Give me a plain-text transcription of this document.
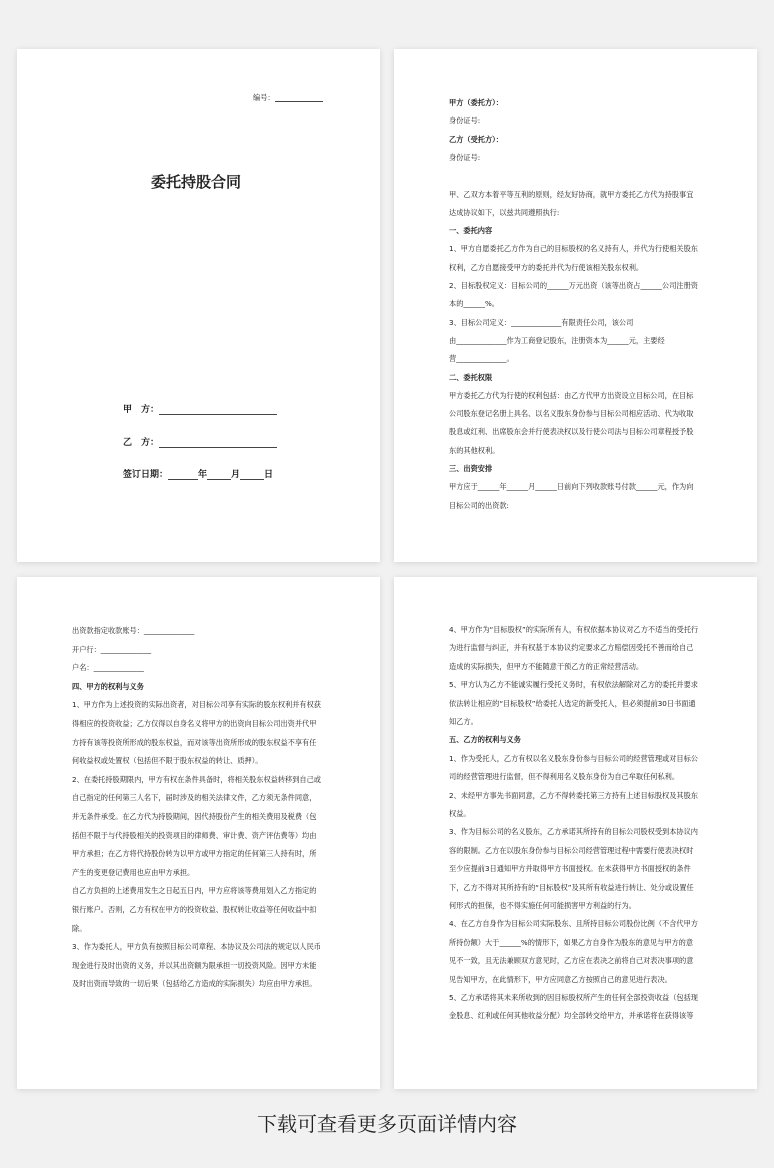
编号：
委托持股合同
甲　方：
乙　方：
签订日期：	年	月	日
甲方（委托方）：
身份证号:
乙方（受托方）：
身份证号:
甲、乙双方本着平等互利的原则，经友好协商，就甲方委托乙方代为持股事宜
达成协议如下，以兹共同遵照执行:
一、委托内容
1、甲方自愿委托乙方作为自己的目标股权的名义持有人，并代为行使相关股东
权利，乙方自愿接受甲方的委托并代为行使该相关股东权利。
2、目标股权定义：目标公司的______万元出资（该等出资占______公司注册资
本的______%。
3、目标公司定义：______________有限责任公司，该公司
由______________作为工商登记股东，注册资本为______元，主要经
营______________。
二、委托权限
甲方委托乙方代为行使的权利包括：由乙方代甲方出资设立目标公司，在目标
公司股东登记名册上具名、以名义股东身份参与目标公司相应活动、代为收取
股息或红利、出席股东会并行使表决权以及行使公司法与目标公司章程授予股
东的其他权利。
三、出资安排
甲方应于______年______月______日前向下列收款账号付款______元，作为向
目标公司的出资款:
出资款指定收款账号：______________
开户行：______________
户名：______________
四、甲方的权利与义务
1、甲方作为上述投资的实际出资者，对目标公司享有实际的股东权利并有权获
得相应的投资收益；乙方仅得以自身名义将甲方的出资向目标公司出资并代甲
方持有该等投资所形成的股东权益，而对该等出资所形成的股东权益不享有任
何收益权或处置权（包括但不限于股东权益的转让、质押）。
2、在委托持股期限内，甲方有权在条件具备时，将相关股东权益转移到自己或
自己指定的任何第三人名下，届时涉及的相关法律文件，乙方须无条件同意，
并无条件承受。在乙方代为持股期间，因代持股份产生的相关费用及税费（包
括但不限于与代持股相关的投资项目的律师费、审计费、资产评估费等）均由
甲方承担；在乙方将代持股份转为以甲方或甲方指定的任何第三人持有时，所
产生的变更登记费用也应由甲方承担。
自乙方负担的上述费用发生之日起五日内，甲方应将该等费用划入乙方指定的
银行账户。否则，乙方有权在甲方的投资收益、股权转让收益等任何收益中扣
除。
3、作为委托人，甲方负有按照目标公司章程、本协议及公司法的规定以人民币
现金进行及时出资的义务，并以其出资额为限承担一切投资风险。因甲方未能
及时出资而导致的一切后果（包括给乙方造成的实际损失）均应由甲方承担。
4、甲方作为“目标股权”的实际所有人，有权依据本协议对乙方不适当的受托行
为进行监督与纠正，并有权基于本协议约定要求乙方赔偿因受托不善而给自己
造成的实际损失，但甲方不能随意干预乙方的正常经营活动。
5、甲方认为乙方不能诚实履行受托义务时，有权依法解除对乙方的委托并要求
依法转让相应的“目标股权”给委托人选定的新受托人，但必须提前30日书面通
知乙方。
五、乙方的权利与义务
1、作为受托人，乙方有权以名义股东身份参与目标公司的经营管理或对目标公
司的经营管理进行监督，但不得利用名义股东身份为自己牟取任何私利。
2、未经甲方事先书面同意，乙方不得转委托第三方持有上述目标股权及其股东
权益。
3、作为目标公司的名义股东，乙方承诺其所持有的目标公司股权受到本协议内
容的限制。乙方在以股东身份参与目标公司经营管理过程中需要行使表决权时
至少应提前3日通知甲方并取得甲方书面授权。在未获得甲方书面授权的条件
下，乙方不得对其所持有的“目标股权”及其所有收益进行转让、处分或设置任
何形式的担保，也不得实施任何可能损害甲方利益的行为。
4、在乙方自身作为目标公司实际股东、且所持目标公司股份比例（不含代甲方
所持份额）大于______%的情形下，如果乙方自身作为股东的意见与甲方的意
见不一致，且无法兼顾双方意见时，乙方应在表决之前将自己对表决事项的意
见告知甲方，在此情形下，甲方应同意乙方按照自己的意见进行表决。
5、乙方承诺将其未来所收到的因目标股权所产生的任何全部投资收益（包括现
金股息、红利或任何其他收益分配）均全部转交给甲方，并承诺将在获得该等
下载可查看更多页面详情内容
